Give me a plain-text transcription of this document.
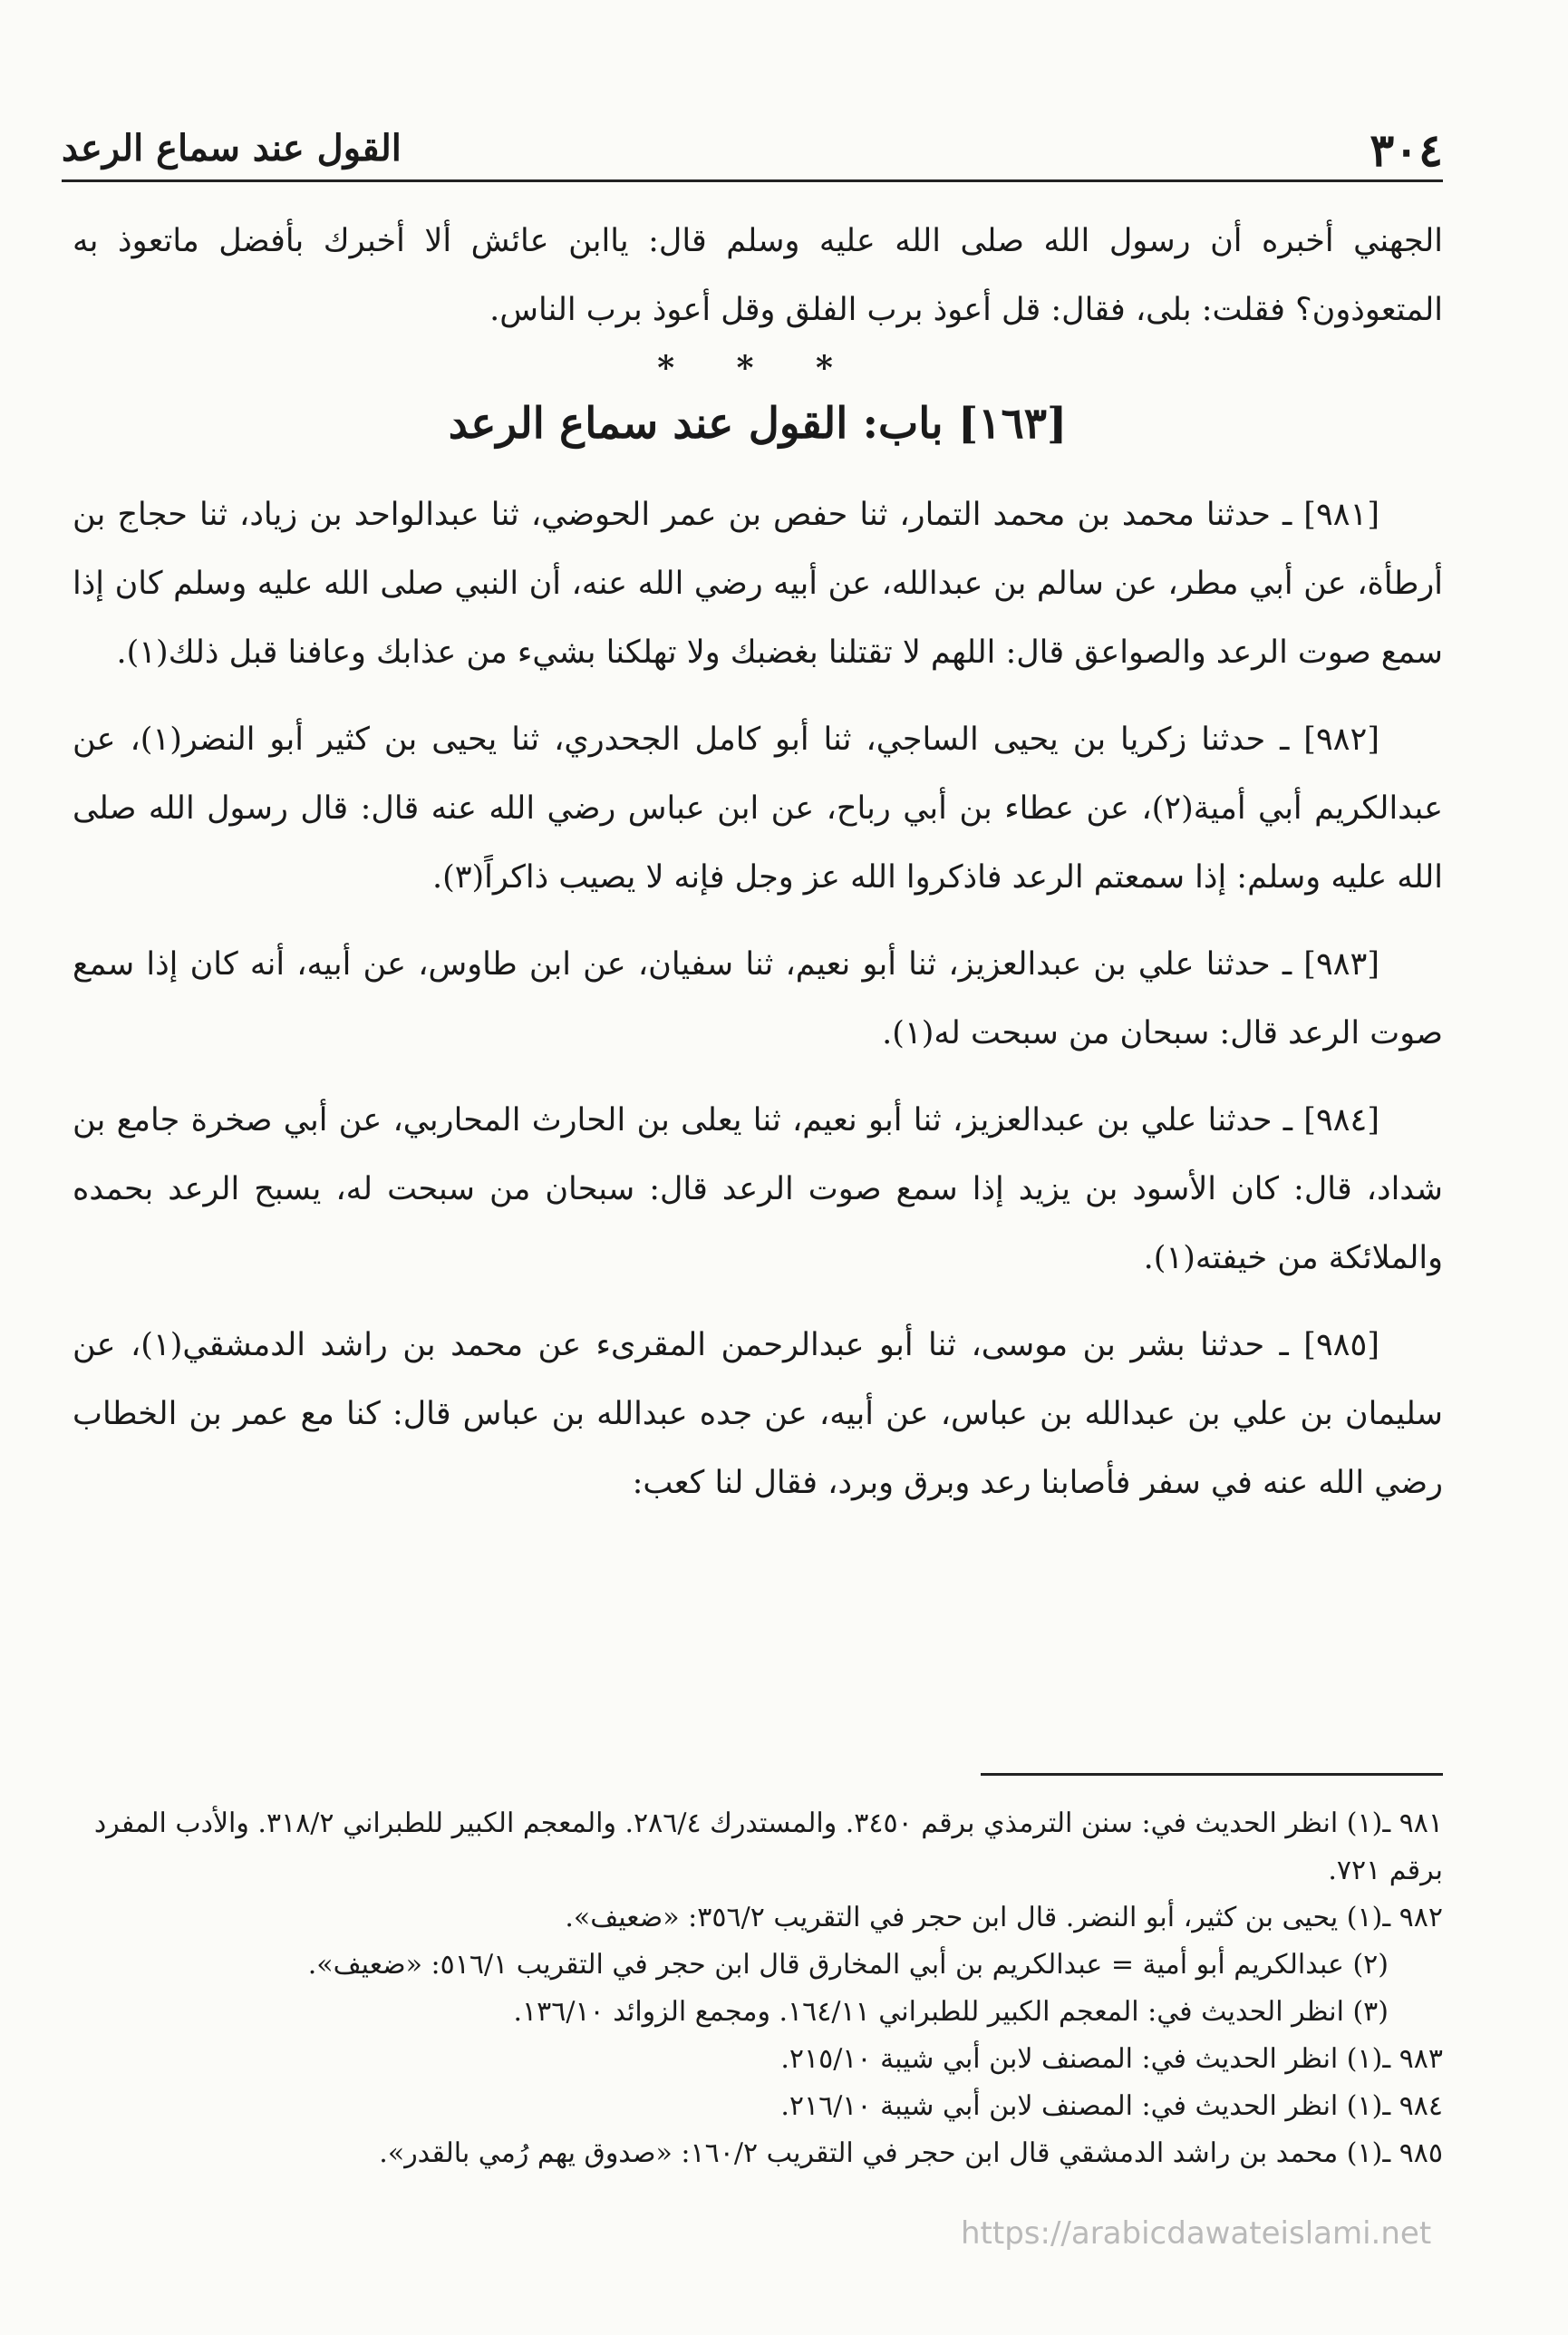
٣٠٤
القول عند سماع الرعد

الجهني أخبره أن رسول الله صلى الله عليه وسلم قال: ياابن عائش ألا أخبرك بأفضل ماتعوذ به المتعوذون؟ فقلت: بلى، فقال: قل أعوذ برب الفلق وقل أعوذ برب الناس.

* * *
[١٦٣] باب: القول عند سماع الرعد

[٩٨١] ـ حدثنا محمد بن محمد التمار، ثنا حفص بن عمر الحوضي، ثنا عبدالواحد بن زياد، ثنا حجاج بن أرطأة، عن أبي مطر، عن سالم بن عبدالله، عن أبيه رضي الله عنه، أن النبي صلى الله عليه وسلم كان إذا سمع صوت الرعد والصواعق قال: اللهم لا تقتلنا بغضبك ولا تهلكنا بشيء من عذابك وعافنا قبل ذلك(١).

[٩٨٢] ـ حدثنا زكريا بن يحيى الساجي، ثنا أبو كامل الجحدري، ثنا يحيى بن كثير أبو النضر(١)، عن عبدالكريم أبي أمية(٢)، عن عطاء بن أبي رباح، عن ابن عباس رضي الله عنه قال: قال رسول الله صلى الله عليه وسلم: إذا سمعتم الرعد فاذكروا الله عز وجل فإنه لا يصيب ذاكراً(٣).

[٩٨٣] ـ حدثنا علي بن عبدالعزيز، ثنا أبو نعيم، ثنا سفيان، عن ابن طاوس، عن أبيه، أنه كان إذا سمع صوت الرعد قال: سبحان من سبحت له(١).

[٩٨٤] ـ حدثنا علي بن عبدالعزيز، ثنا أبو نعيم، ثنا يعلى بن الحارث المحاربي، عن أبي صخرة جامع بن شداد، قال: كان الأسود بن يزيد إذا سمع صوت الرعد قال: سبحان من سبحت له، يسبح الرعد بحمده والملائكة من خيفته(١).

[٩٨٥] ـ حدثنا بشر بن موسى، ثنا أبو عبدالرحمن المقرىء عن محمد بن راشد الدمشقي(١)، عن سليمان بن علي بن عبدالله بن عباس، عن أبيه، عن جده عبدالله بن عباس قال: كنا مع عمر بن الخطاب رضي الله عنه في سفر فأصابنا رعد وبرق وبرد، فقال لنا كعب:

٩٨١ ـ(١) انظر الحديث في: سنن الترمذي برقم ٣٤٥٠. والمستدرك ٢٨٦/٤. والمعجم الكبير للطبراني ٣١٨/٢. والأدب المفرد برقم ٧٢١.

٩٨٢ ـ(١) يحيى بن كثير، أبو النضر. قال ابن حجر في التقريب ٣٥٦/٢: «ضعيف».

(٢) عبدالكريم أبو أمية = عبدالكريم بن أبي المخارق قال ابن حجر في التقريب ٥١٦/١: «ضعيف».

(٣) انظر الحديث في: المعجم الكبير للطبراني ١٦٤/١١. ومجمع الزوائد ١٣٦/١٠.

٩٨٣ ـ(١) انظر الحديث في: المصنف لابن أبي شيبة ٢١٥/١٠.

٩٨٤ ـ(١) انظر الحديث في: المصنف لابن أبي شيبة ٢١٦/١٠.

٩٨٥ ـ(١) محمد بن راشد الدمشقي قال ابن حجر في التقريب ١٦٠/٢: «صدوق يهم رُمي بالقدر».

https://arabicdawateislami.net
